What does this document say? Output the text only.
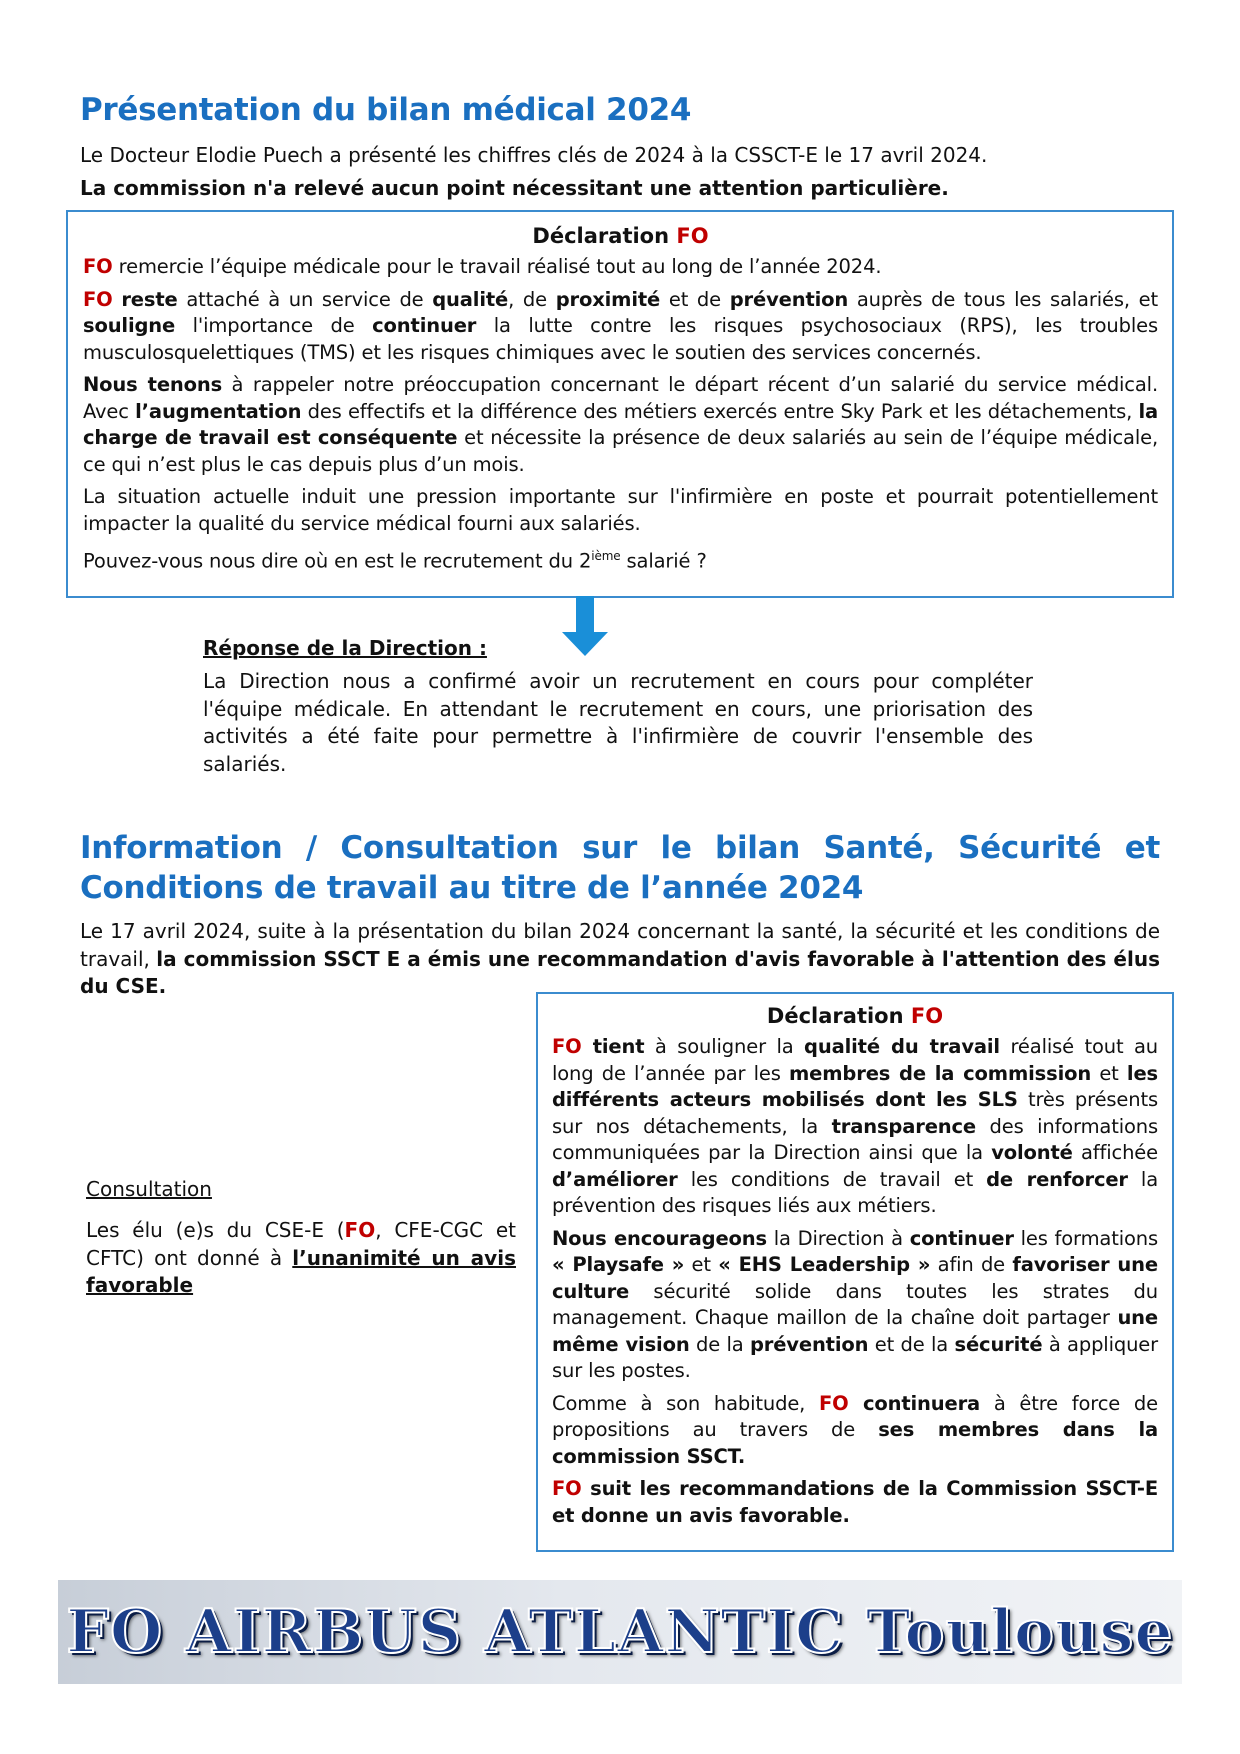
Présentation du bilan médical 2024

Le Docteur Elodie Puech a présenté les chiffres clés de 2024 à la CSSCT-E le 17 avril 2024.

La commission n'a relevé aucun point nécessitant une attention particulière.

Déclaration FO

FO remercie l’équipe médicale pour le travail réalisé tout au long de l’année 2024.

FO reste attaché à un service de qualité, de proximité et de prévention auprès de tous les salariés, et souligne l'importance de continuer la lutte contre les risques psychosociaux (RPS), les troubles musculosquelettiques (TMS) et les risques chimiques avec le soutien des services concernés.

Nous tenons à rappeler notre préoccupation concernant le départ récent d’un salarié du service médical. Avec l’augmentation des effectifs et la différence des métiers exercés entre Sky Park et les détachements, la charge de travail est conséquente et nécessite la présence de deux salariés au sein de l’équipe médicale, ce qui n’est plus le cas depuis plus d’un mois.

La situation actuelle induit une pression importante sur l'infirmière en poste et pourrait potentiellement impacter la qualité du service médical fourni aux salariés.

Pouvez-vous nous dire où en est le recrutement du 2ième salarié ?

Réponse de la Direction :

La Direction nous a confirmé avoir un recrutement en cours pour compléter l'équipe médicale. En attendant le recrutement en cours, une priorisation des activités a été faite pour permettre à l'infirmière de couvrir l'ensemble des salariés.

Information / Consultation sur le bilan Santé, Sécurité et
Conditions de travail au titre de l’année 2024

Le 17 avril 2024, suite à la présentation du bilan 2024 concernant la santé, la sécurité et les conditions de travail, la commission SSCT E a émis une recommandation d'avis favorable à l'attention des élus du CSE.

Consultation

Les élu (e)s du CSE-E (FO, CFE-CGC et CFTC) ont donné à l’unanimité un avis favorable

Déclaration FO

FO tient à souligner la qualité du travail réalisé tout au long de l’année par les membres de la commission et les différents acteurs mobilisés dont les SLS très présents sur nos détachements, la transparence des informations communiquées par la Direction ainsi que la volonté affichée d’améliorer les conditions de travail et de renforcer la prévention des risques liés aux métiers.

Nous encourageons la Direction à continuer les formations « Playsafe » et « EHS Leadership » afin de favoriser une culture sécurité solide dans toutes les strates du management. Chaque maillon de la chaîne doit partager une même vision de la prévention et de la sécurité à appliquer sur les postes.

Comme à son habitude, FO continuera à être force de propositions au travers de ses membres dans la commission SSCT.

FO suit les recommandations de la Commission SSCT-E et donne un avis favorable.

FO AIRBUS ATLANTIC Toulouse
